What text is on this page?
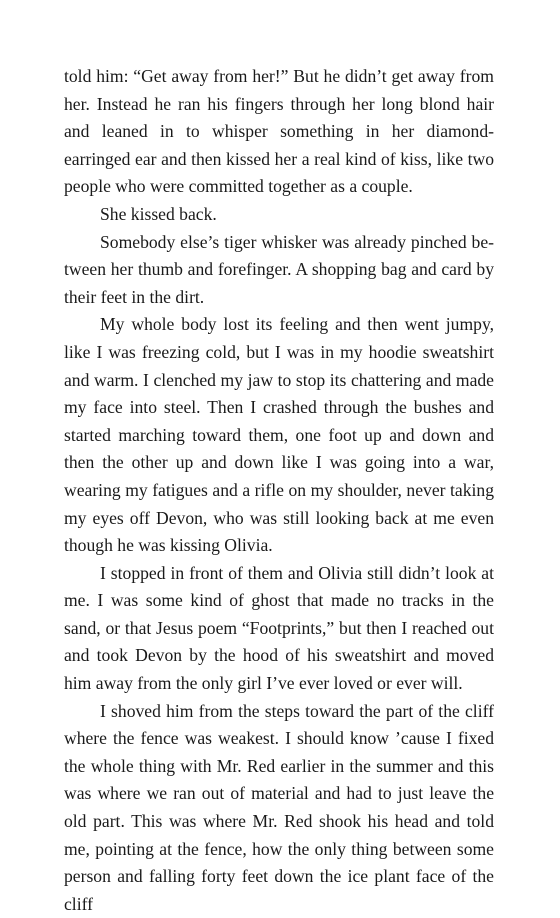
told him: “Get away from her!” But he didn’t get away from her. Instead he ran his fingers through her long blond hair and leaned in to whisper something in her diamond-earringed ear and then kissed her a real kind of kiss, like two people who were committed together as a couple.

She kissed back.

Somebody else’s tiger whisker was already pinched between her thumb and forefinger. A shopping bag and card by their feet in the dirt.

My whole body lost its feeling and then went jumpy, like I was freezing cold, but I was in my hoodie sweatshirt and warm. I clenched my jaw to stop its chattering and made my face into steel. Then I crashed through the bushes and started marching toward them, one foot up and down and then the other up and down like I was going into a war, wearing my fatigues and a rifle on my shoulder, never taking my eyes off Devon, who was still looking back at me even though he was kissing Olivia.

I stopped in front of them and Olivia still didn’t look at me. I was some kind of ghost that made no tracks in the sand, or that Jesus poem “Footprints,” but then I reached out and took Devon by the hood of his sweatshirt and moved him away from the only girl I’ve ever loved or ever will.

I shoved him from the steps toward the part of the cliff where the fence was weakest. I should know ’cause I fixed the whole thing with Mr. Red earlier in the summer and this was where we ran out of material and had to just leave the old part. This was where Mr. Red shook his head and told me, pointing at the fence, how the only thing between some person and falling forty feet down the ice plant face of the cliff
